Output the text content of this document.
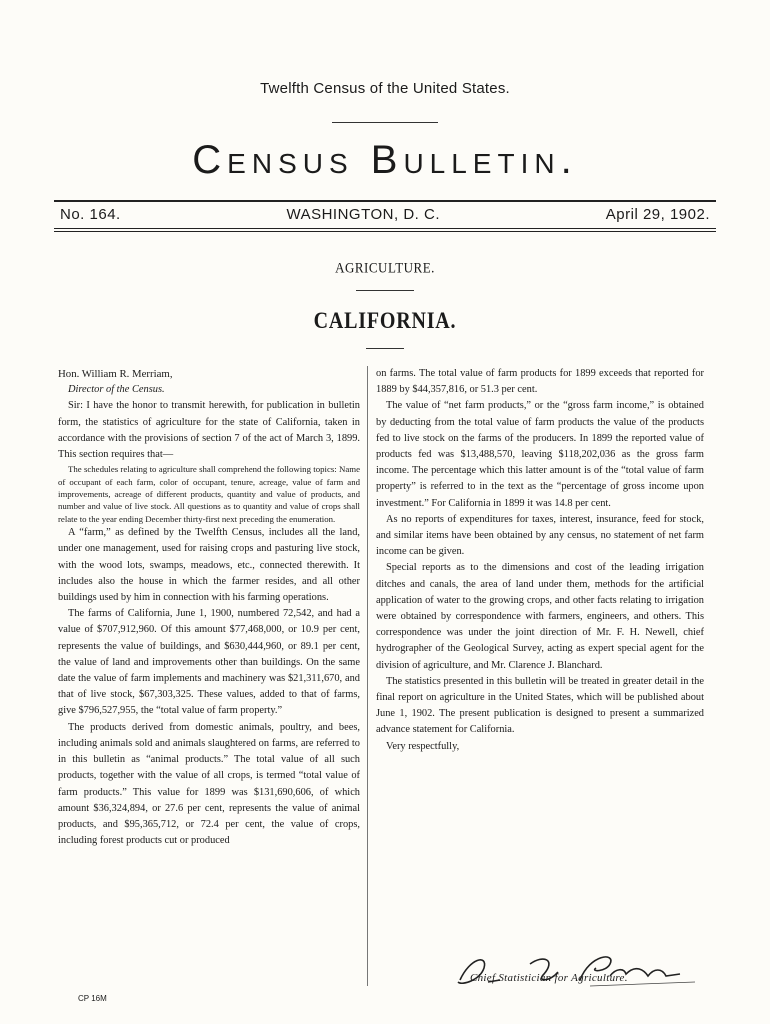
Twelfth Census of the United States.
Census Bulletin.
No. 164.	WASHINGTON, D. C.	April 29, 1902.
AGRICULTURE.
CALIFORNIA.

Hon. William R. Merriam,

Director of the Census.

Sir: I have the honor to transmit herewith, for publication in bulletin form, the statistics of agriculture for the state of California, taken in accordance with the provisions of section 7 of the act of March 3, 1899. This section requires that—

The schedules relating to agriculture shall comprehend the following topics: Name of occupant of each farm, color of occupant, tenure, acreage, value of farm and improvements, acreage of different products, quantity and value of products, and number and value of live stock. All questions as to quantity and value of crops shall relate to the year ending December thirty-first next preceding the enumeration.

A “farm,” as defined by the Twelfth Census, includes all the land, under one management, used for raising crops and pasturing live stock, with the wood lots, swamps, meadows, etc., connected therewith. It includes also the house in which the farmer resides, and all other buildings used by him in connection with his farming operations.

The farms of California, June 1, 1900, numbered 72,542, and had a value of $707,912,960. Of this amount $77,468,000, or 10.9 per cent, represents the value of buildings, and $630,444,960, or 89.1 per cent, the value of land and improvements other than buildings. On the same date the value of farm implements and machinery was $21,311,670, and that of live stock, $67,303,325. These values, added to that of farms, give $796,527,955, the “total value of farm property.”

The products derived from domestic animals, poultry, and bees, including animals sold and animals slaughtered on farms, are referred to in this bulletin as “animal products.” The total value of all such products, together with the value of all crops, is termed “total value of farm products.” This value for 1899 was $131,690,606, of which amount $36,324,894, or 27.6 per cent, represents the value of animal products, and $95,365,712, or 72.4 per cent, the value of crops, including forest products cut or produced

on farms. The total value of farm products for 1899 exceeds that reported for 1889 by $44,357,816, or 51.3 per cent.

The value of “net farm products,” or the “gross farm income,” is obtained by deducting from the total value of farm products the value of the products fed to live stock on the farms of the producers. In 1899 the reported value of products fed was $13,488,570, leaving $118,202,036 as the gross farm income. The percentage which this latter amount is of the “total value of farm property” is referred to in the text as the “percentage of gross income upon investment.” For California in 1899 it was 14.8 per cent.

As no reports of expenditures for taxes, interest, insurance, feed for stock, and similar items have been obtained by any census, no statement of net farm income can be given.

Special reports as to the dimensions and cost of the leading irrigation ditches and canals, the area of land under them, methods for the artificial application of water to the growing crops, and other facts relating to irrigation were obtained by correspondence with farmers, engineers, and others. This correspondence was under the joint direction of Mr. F. H. Newell, chief hydrographer of the Geological Survey, acting as expert special agent for the division of agriculture, and Mr. Clarence J. Blanchard.

The statistics presented in this bulletin will be treated in greater detail in the final report on agriculture in the United States, which will be published about June 1, 1902. The present publication is designed to present a summarized advance statement for California.

Very respectfully,

Chief Statistician for Agriculture.
CP 16M
